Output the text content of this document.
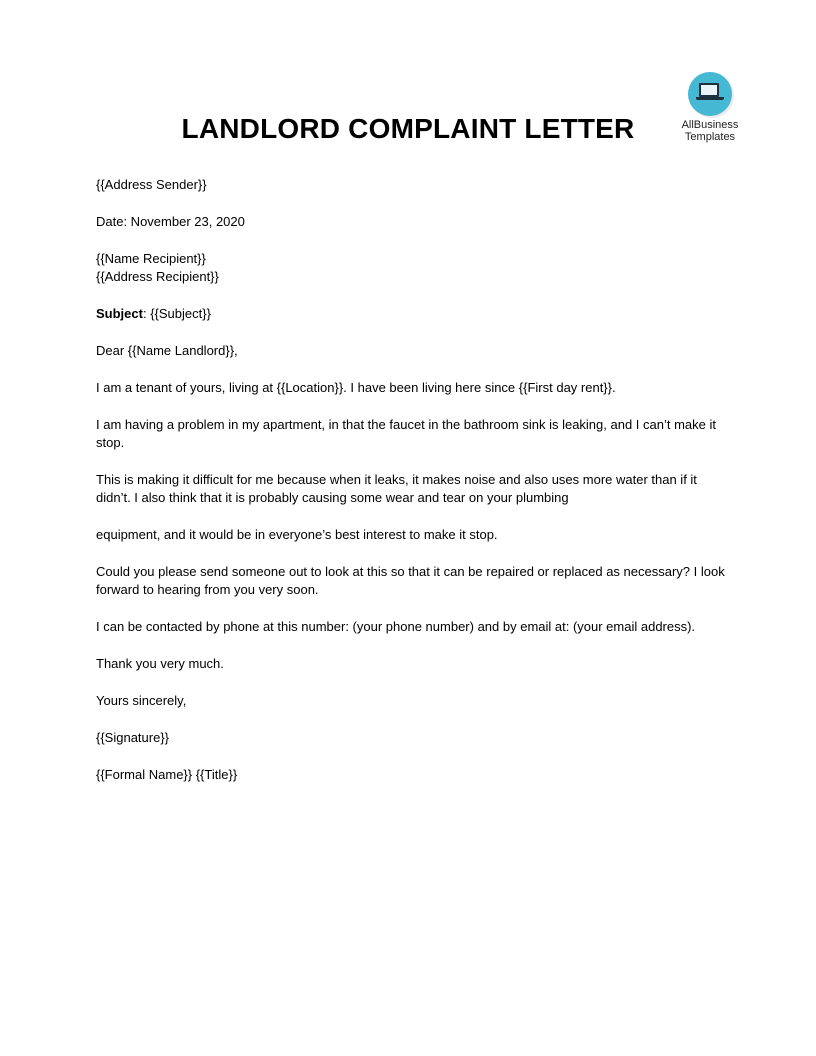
AllBusiness
Templates
LANDLORD COMPLAINT LETTER

{{Address Sender}}

Date: November 23, 2020

{{Name Recipient}}

{{Address Recipient}}

Subject: {{Subject}}

Dear {{Name Landlord}},

I am a tenant of yours, living at {{Location}}. I have been living here since {{First day rent}}.

I am having a problem in my apartment, in that the faucet in the bathroom sink is leaking, and I can’t make it stop.

This is making it difficult for me because when it leaks, it makes noise and also uses more water than if it didn’t. I also think that it is probably causing some wear and tear on your plumbing

equipment, and it would be in everyone’s best interest to make it stop.

Could you please send someone out to look at this so that it can be repaired or replaced as necessary? I look forward to hearing from you very soon.

I can be contacted by phone at this number: (your phone number) and by email at: (your email address).

Thank you very much.

Yours sincerely,

{{Signature}}

{{Formal Name}} {{Title}}
